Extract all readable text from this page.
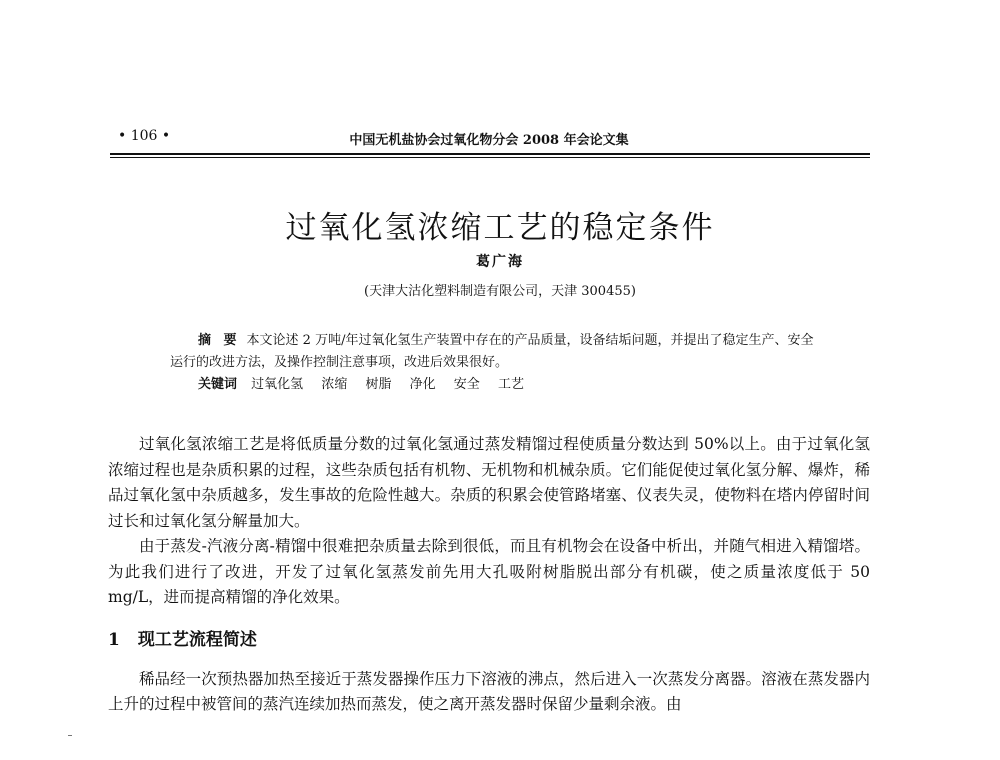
• 106 •	中国无机盐协会过氧化物分会 2008 年会论文集
过氧化氢浓缩工艺的稳定条件
葛广海
(天津大沽化塑料制造有限公司，天津 300455)

摘 要 本文论述 2 万吨/年过氧化氢生产装置中存在的产品质量，设备结垢问题，并提出了稳定生产、安全运行的改进方法，及操作控制注意事项，改进后效果很好。

关键词 过氧化氢 浓缩 树脂 净化 安全 工艺

过氧化氢浓缩工艺是将低质量分数的过氧化氢通过蒸发精馏过程使质量分数达到 50%以上。由于过氧化氢浓缩过程也是杂质积累的过程，这些杂质包括有机物、无机物和机械杂质。它们能促使过氧化氢分解、爆炸，稀品过氧化氢中杂质越多，发生事故的危险性越大。杂质的积累会使管路堵塞、仪表失灵，使物料在塔内停留时间过长和过氧化氢分解量加大。

由于蒸发-汽液分离-精馏中很难把杂质量去除到很低，而且有机物会在设备中析出，并随气相进入精馏塔。为此我们进行了改进，开发了过氧化氢蒸发前先用大孔吸附树脂脱出部分有机碳，使之质量浓度低于 50 mg/L，进而提高精馏的净化效果。

1 现工艺流程简述

稀品经一次预热器加热至接近于蒸发器操作压力下溶液的沸点，然后进入一次蒸发分离器。溶液在蒸发器内上升的过程中被管间的蒸汽连续加热而蒸发，使之离开蒸发器时保留少量剩余液。由
